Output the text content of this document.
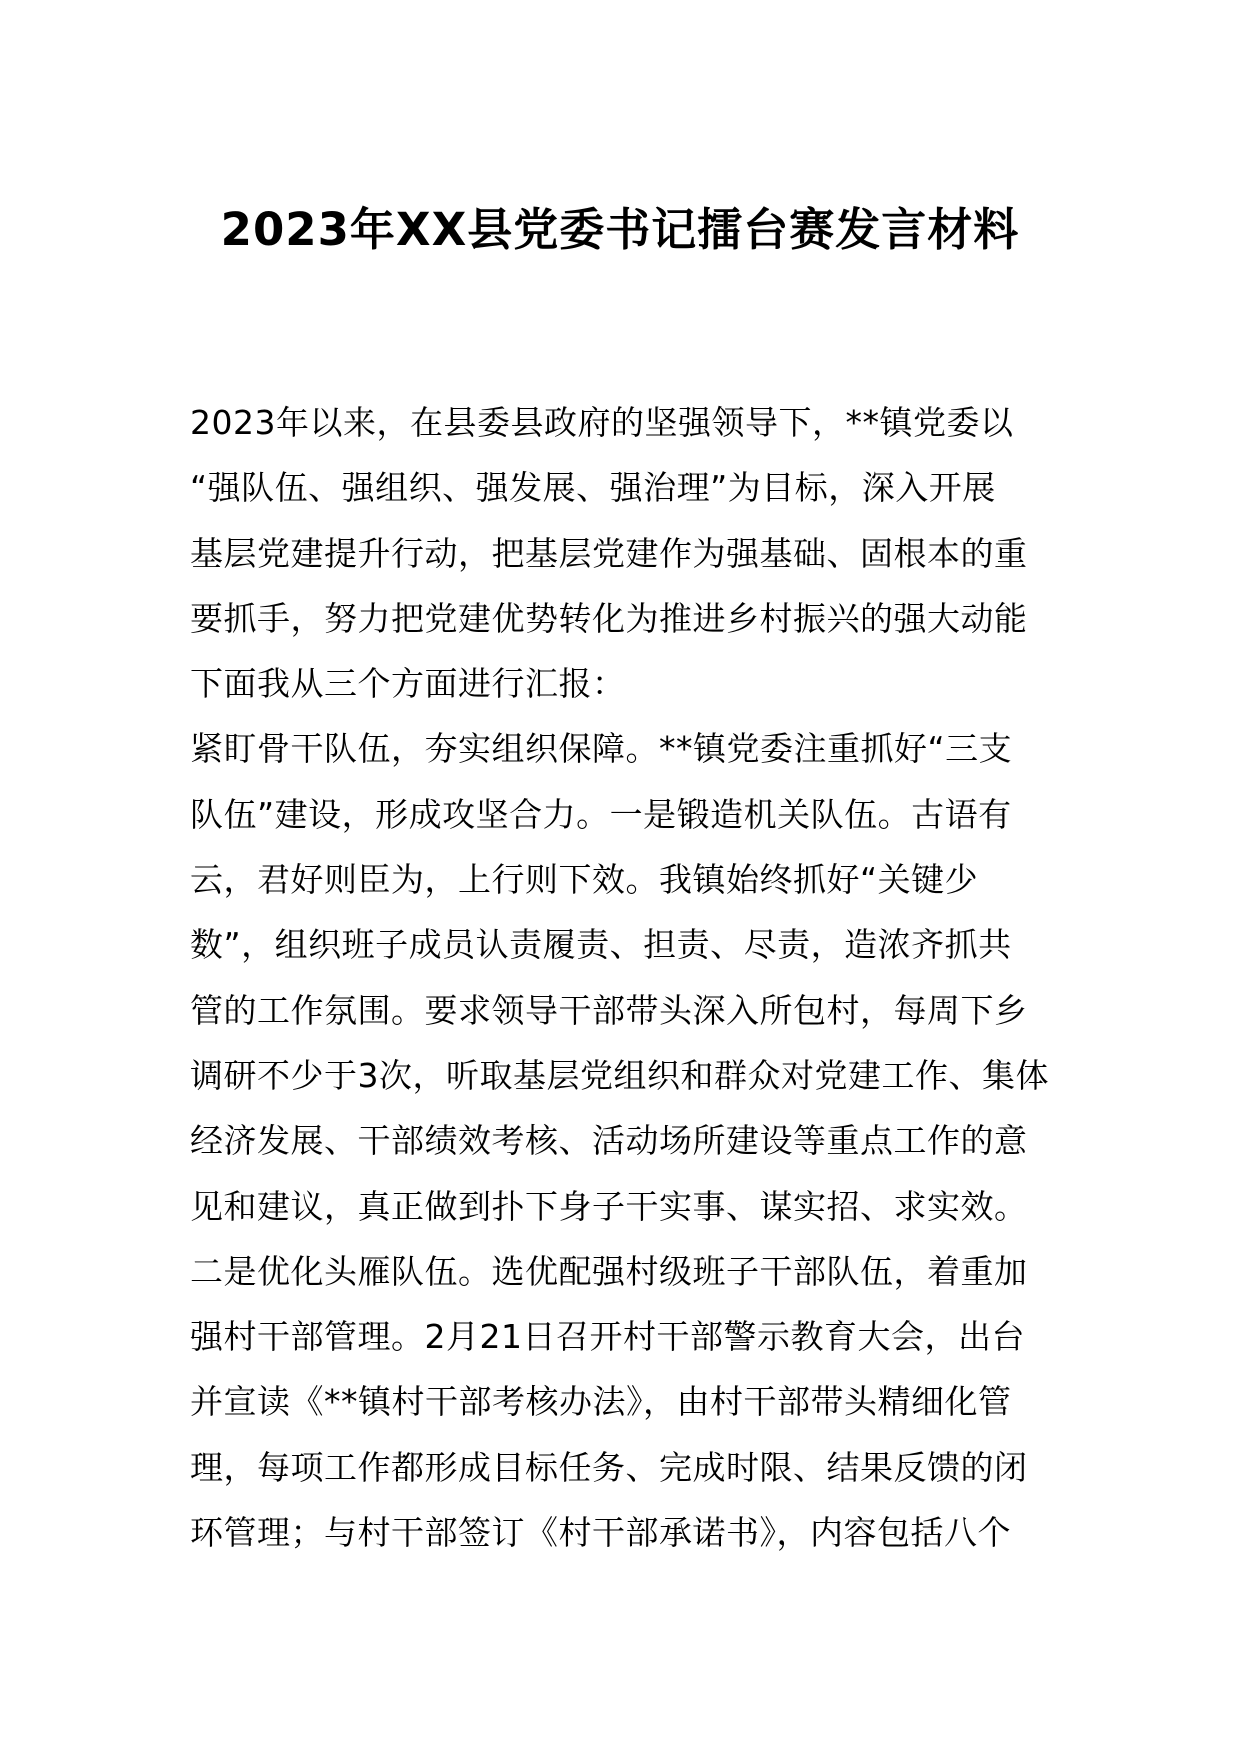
2023年XX县党委书记擂台赛发言材料
2023年以来，在县委县政府的坚强领导下，**镇党委以
“强队伍、强组织、强发展、强治理”为目标，深入开展
基层党建提升行动，把基层党建作为强基础、固根本的重
要抓手，努力把党建优势转化为推进乡村振兴的强大动能
下面我从三个方面进行汇报：
紧盯骨干队伍，夯实组织保障。**镇党委注重抓好“三支
队伍”建设，形成攻坚合力。一是锻造机关队伍。古语有
云，君好则臣为，上行则下效。我镇始终抓好“关键少
数”，组织班子成员认责履责、担责、尽责，造浓齐抓共
管的工作氛围。要求领导干部带头深入所包村，每周下乡
调研不少于3次，听取基层党组织和群众对党建工作、集体
经济发展、干部绩效考核、活动场所建设等重点工作的意
见和建议，真正做到扑下身子干实事、谋实招、求实效。
二是优化头雁队伍。选优配强村级班子干部队伍，着重加
强村干部管理。2月21日召开村干部警示教育大会，出台
并宣读《**镇村干部考核办法》，由村干部带头精细化管
理，每项工作都形成目标任务、完成时限、结果反馈的闭
环管理；与村干部签订《村干部承诺书》，内容包括八个
